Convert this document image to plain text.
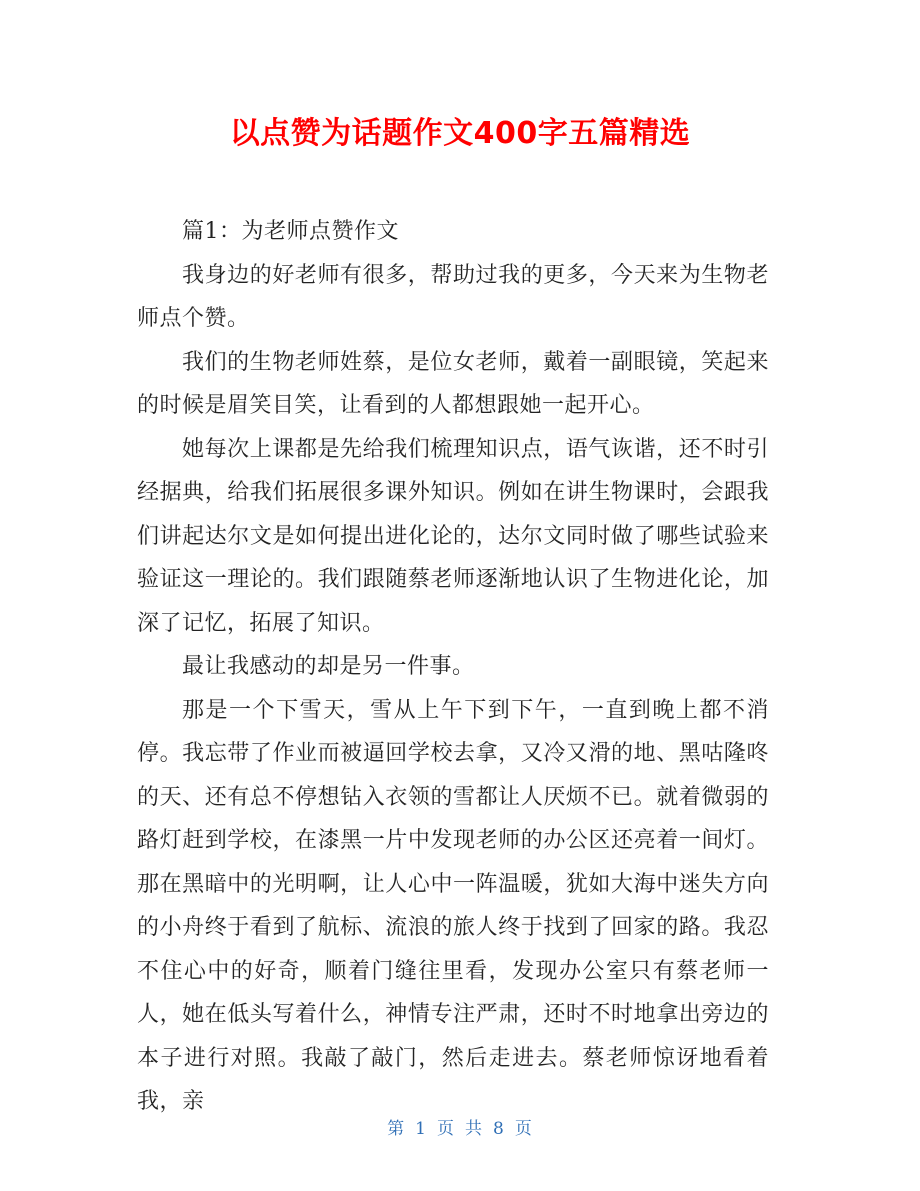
以点赞为话题作文400字五篇精选

篇1：为老师点赞作文

我身边的好老师有很多，帮助过我的更多，今天来为生物老师点个赞。

我们的生物老师姓蔡，是位女老师，戴着一副眼镜，笑起来的时候是眉笑目笑，让看到的人都想跟她一起开心。

她每次上课都是先给我们梳理知识点，语气诙谐，还不时引经据典，给我们拓展很多课外知识。例如在讲生物课时，会跟我们讲起达尔文是如何提出进化论的，达尔文同时做了哪些试验来验证这一理论的。我们跟随蔡老师逐渐地认识了生物进化论，加深了记忆，拓展了知识。

最让我感动的却是另一件事。

那是一个下雪天，雪从上午下到下午，一直到晚上都不消停。我忘带了作业而被逼回学校去拿，又冷又滑的地、黑咕隆咚的天、还有总不停想钻入衣领的雪都让人厌烦不已。就着微弱的路灯赶到学校，在漆黑一片中发现老师的办公区还亮着一间灯。那在黑暗中的光明啊，让人心中一阵温暖，犹如大海中迷失方向的小舟终于看到了航标、流浪的旅人终于找到了回家的路。我忍不住心中的好奇，顺着门缝往里看，发现办公室只有蔡老师一人，她在低头写着什么，神情专注严肃，还时不时地拿出旁边的本子进行对照。我敲了敲门，然后走进去。蔡老师惊讶地看着我，亲

第 1 页 共 8 页
